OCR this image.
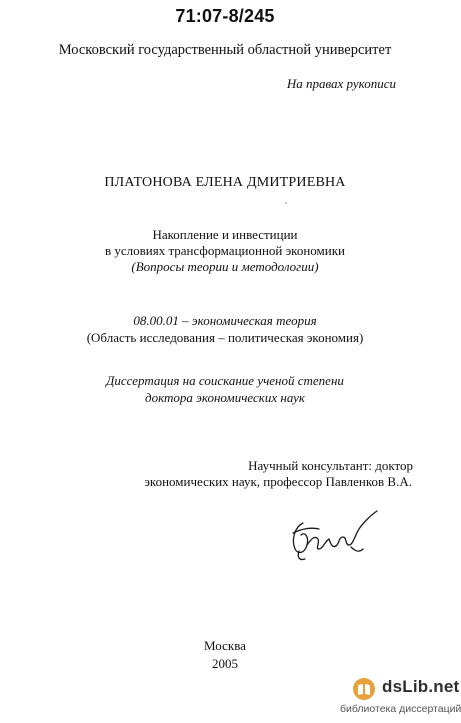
71:07-8/245
Московский государственный областной университет
На правах рукописи
ПЛАТОНОВА ЕЛЕНА ДМИТРИЕВНА
Накопление и инвестиции
в условиях трансформационной экономики
(Вопросы теории и методологии)
08.00.01 – экономическая теория
(Область исследования – политическая экономия)
Диссертация на соискание ученой степени
доктора экономических наук
Научный консультант: доктор
экономических наук, профессор Павленков В.А.
Москва
2005
dsLib.net
библиотека диссертаций
